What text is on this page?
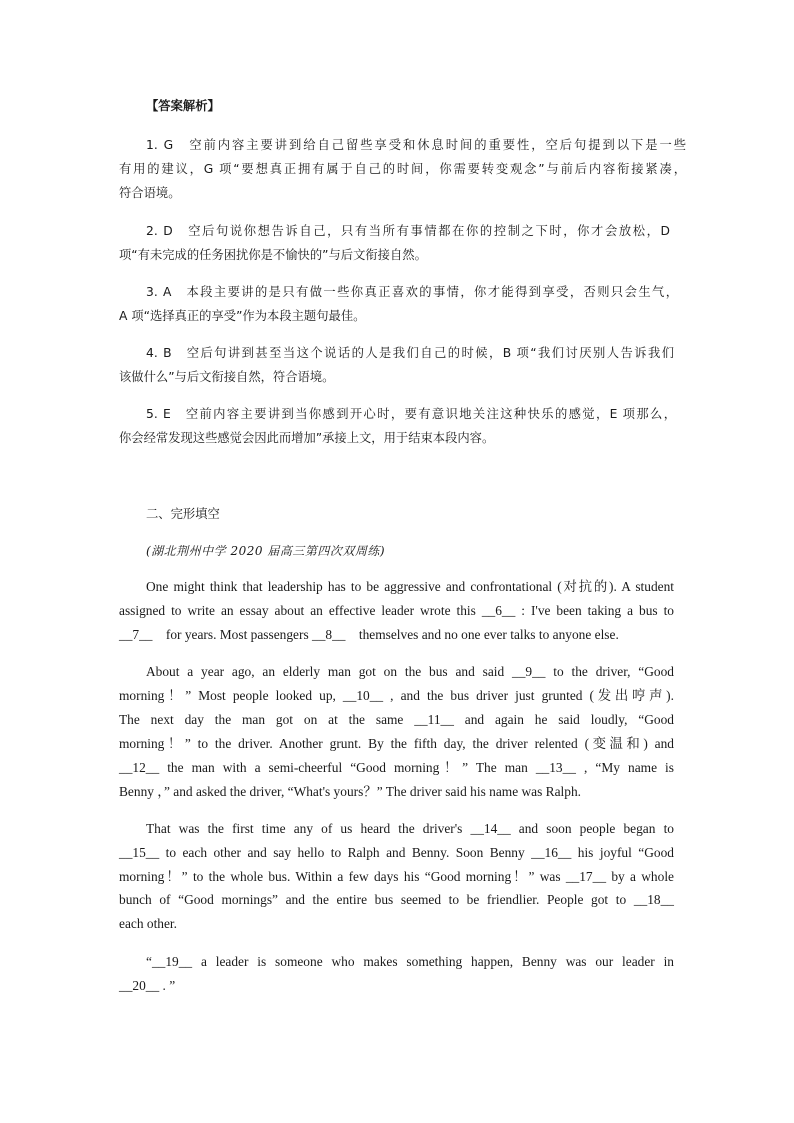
【答案解析】
1. G　空前内容主要讲到给自己留些享受和休息时间的重要性，空后句提到以下是一些
有用的建议，G 项“要想真正拥有属于自己的时间，你需要转变观念”与前后内容衔接紧凑，
符合语境。
2. D　空后句说你想告诉自己，只有当所有事情都在你的控制之下时，你才会放松，D
项“有未完成的任务困扰你是不愉快的”与后文衔接自然。
3. A　本段主要讲的是只有做一些你真正喜欢的事情，你才能得到享受，否则只会生气，
A 项“选择真正的享受”作为本段主题句最佳。
4. B　空后句讲到甚至当这个说话的人是我们自己的时候，B 项“我们讨厌别人告诉我们
该做什么”与后文衔接自然，符合语境。
5. E　空前内容主要讲到当你感到开心时，要有意识地关注这种快乐的感觉，E 项那么，
你会经常发现这些感觉会因此而增加”承接上文，用于结束本段内容。
二、完形填空
(湖北荆州中学 2020 届高三第四次双周练)
One might think that leadership has to be aggressive and confrontational (对抗的). A student
assigned to write an essay about an effective leader wrote this __6__ : I've been taking a bus to
__7__    for years. Most passengers __8__    themselves and no one ever talks to anyone else.
About a year ago, an elderly man got on the bus and said __9__ to the driver, “Good
morning！” Most people looked up, __10__ , and the bus driver just grunted (发出哼声).
The next day the man got on at the same __11__ and again he said loudly, “Good
morning！” to the driver. Another grunt. By the fifth day, the driver relented (变温和) and
__12__ the man with a semi-cheerful “Good morning！” The man __13__ , “My name is
Benny ，” and asked the driver, “What's yours？” The driver said his name was Ralph.
That was the first time any of us heard the driver's __14__ and soon people began to
__15__ to each other and say hello to Ralph and Benny. Soon Benny __16__ his joyful “Good
morning！” to the whole bus. Within a few days his “Good morning！” was __17__ by a whole
bunch of “Good mornings” and the entire bus seemed to be friendlier. People got to __18__
each other.
“__19__ a leader is someone who makes something happen, Benny was our leader in
__20__ . ”
